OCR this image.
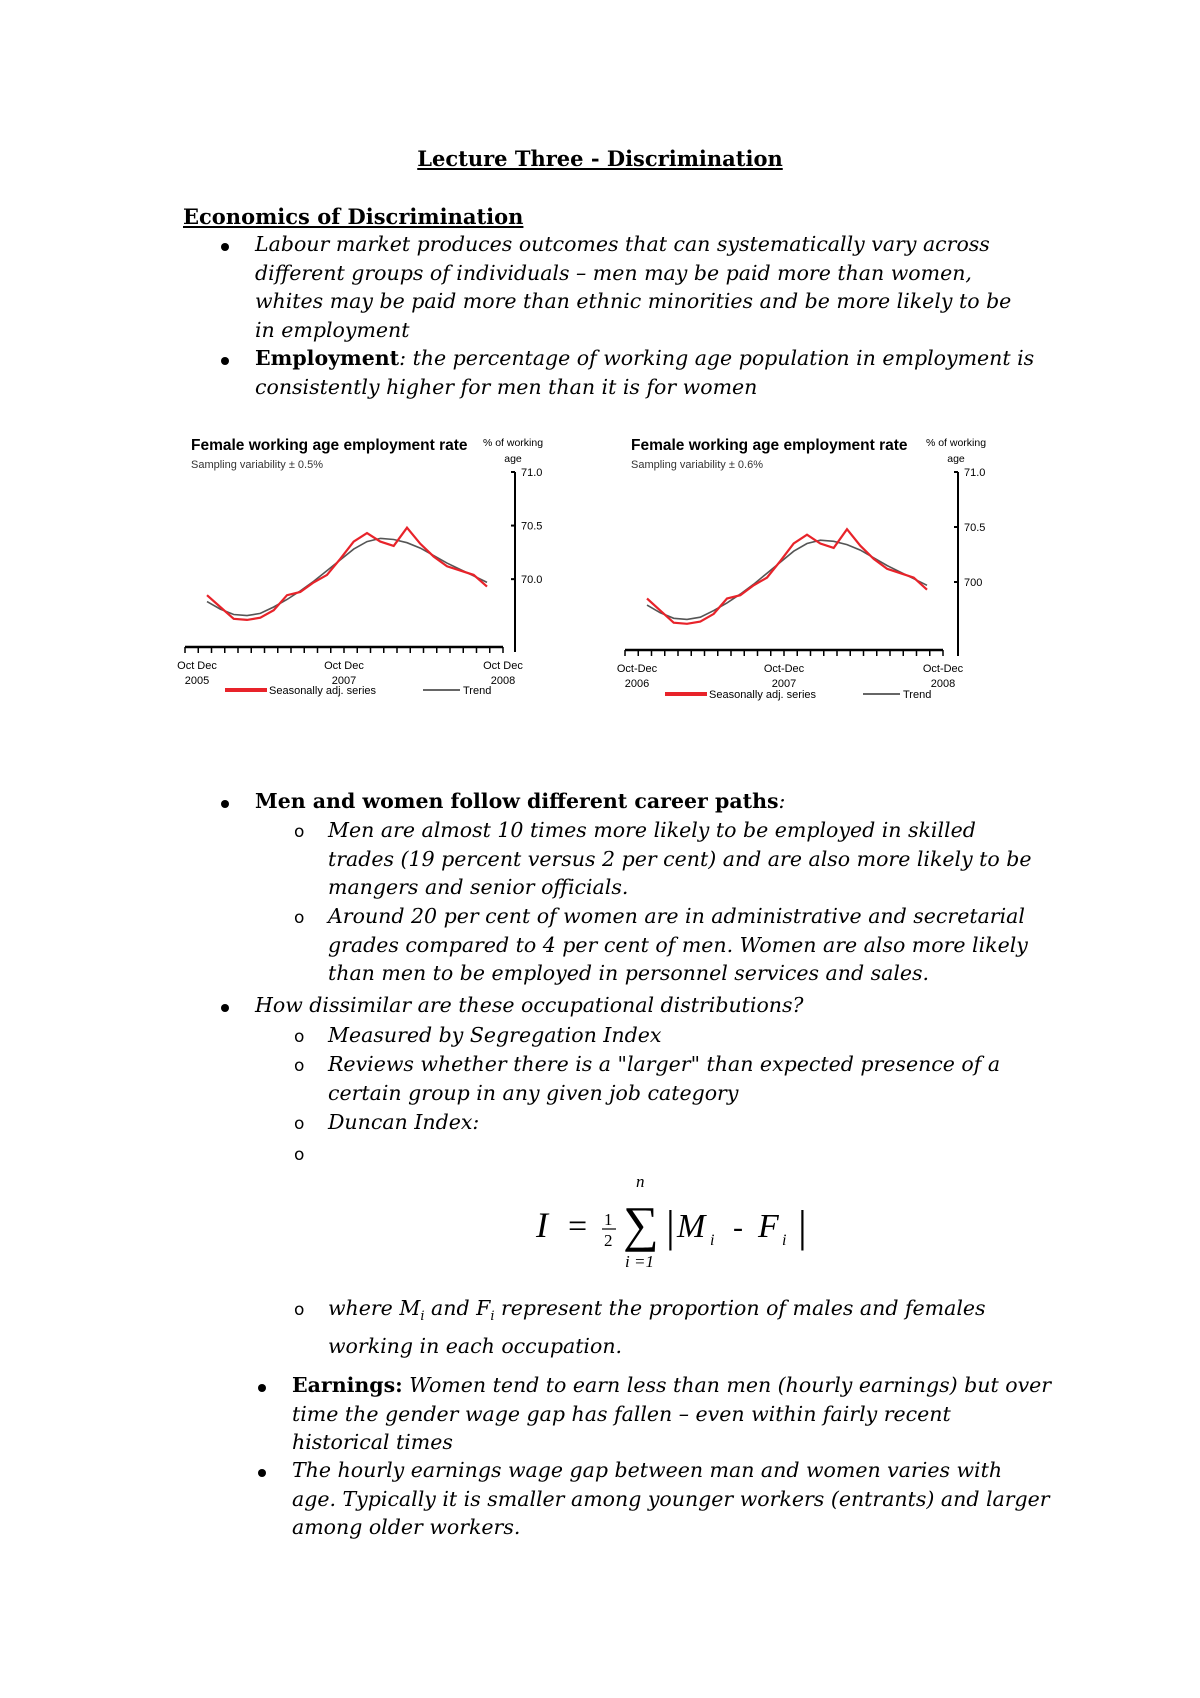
Lecture Three - Discrimination
Economics of Discrimination
Labour market produces outcomes that can systematically vary across different groups of individuals – men may be paid more than women, whites may be paid more than ethnic minorities and be more likely to be in employment
Employment: the percentage of working age population in employment is consistently higher for men than it is for women
Female working age employment rate
Sampling variability ± 0.5%
% of working
age
71.0
70.5
70.0
Oct Dec
2005
Oct Dec
2007
Oct Dec
2008
Seasonally adj. series	Trend
Female working age employment rate
Sampling variability ± 0.6%
% of working
age
71.0
70.5
700
Oct-Dec
2006
Oct-Dec
2007
Oct-Dec
2008
Seasonally adj. series	Trend
Men and women follow different career paths:
o Men are almost 10 times more likely to be employed in skilled trades (19 percent versus 2 per cent) and are also more likely to be mangers and senior officials.
o Around 20 per cent of women are in administrative and secretarial grades compared to 4 per cent of men. Women are also more likely than men to be employed in personnel services and sales.
How dissimilar are these occupational distributions?
o Measured by Segregation Index
o Reviews whether there is a "larger" than expected presence of a certain group in any given job category
o Duncan Index:
o
I = 1
2
n
∑
i =1
| M i - F i |
o where $M_i$ and $F_i$ represent the proportion of males and females working in each occupation.
Earnings: Women tend to earn less than men (hourly earnings) but over time the gender wage gap has fallen – even within fairly recent historical times
The hourly earnings wage gap between man and women varies with age. Typically it is smaller among younger workers (entrants) and larger among older workers.
